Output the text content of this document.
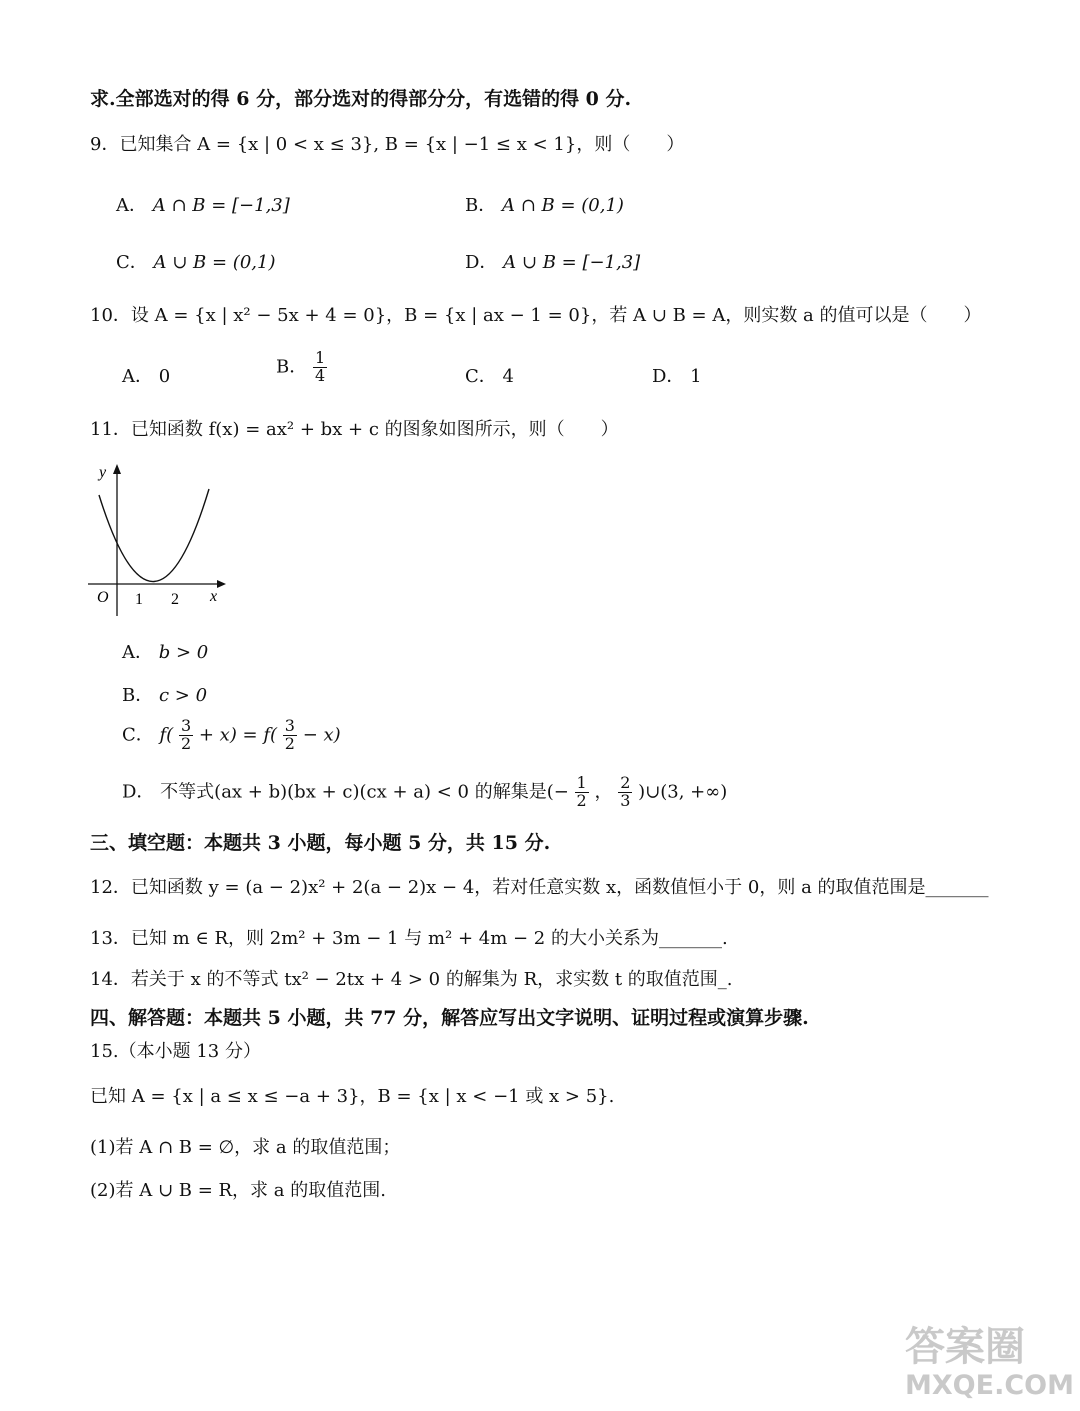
求.全部选对的得 6 分，部分选对的得部分分，有选错的得 0 分.
9．已知集合 A = {x | 0 < x ≤ 3}, B = {x | −1 ≤ x < 1}，则（　　）
A． A ∩ B = [−1,3]	B． A ∩ B = (0,1)
C． A ∪ B = (0,1)	D． A ∪ B = [−1,3]
10．设 A = {x | x² − 5x + 4 = 0}，B = {x | ax − 1 = 0}，若 A ∪ B = A，则实数 a 的值可以是（　　）
A． 0	B． $\frac{1}{4}$	C． 4	D． 1
11．已知函数 f(x) = ax² + bx + c 的图象如图所示，则（　　）
y
O 1 2 x
A． b > 0
B． c > 0
C． $f( \frac{3}{2} + x) = f( \frac{3}{2} - x)$
D． 不等式(ax + b)(bx + c)(cx + a) < 0 的解集是(− $\frac{1}{2}$ ， $\frac{2}{3}$ )∪(3, +∞)
三、填空题：本题共 3 小题，每小题 5 分，共 15 分.
12．已知函数 y = (a − 2)x² + 2(a − 2)x − 4，若对任意实数 x，函数值恒小于 0，则 a 的取值范围是_______
13．已知 m ∈ R，则 2m² + 3m − 1 与 m² + 4m − 2 的大小关系为_______.
14．若关于 x 的不等式 tx² − 2tx + 4 > 0 的解集为 R，求实数 t 的取值范围_.
四、解答题：本题共 5 小题，共 77 分，解答应写出文字说明、证明过程或演算步骤.
15.（本小题 13 分）
已知 A = {x | a ≤ x ≤ −a + 3}，B = {x | x < −1 或 x > 5}.
(1)若 A ∩ B = ∅，求 a 的取值范围；
(2)若 A ∪ B = R，求 a 的取值范围.
答案圈
MXQE.COM
